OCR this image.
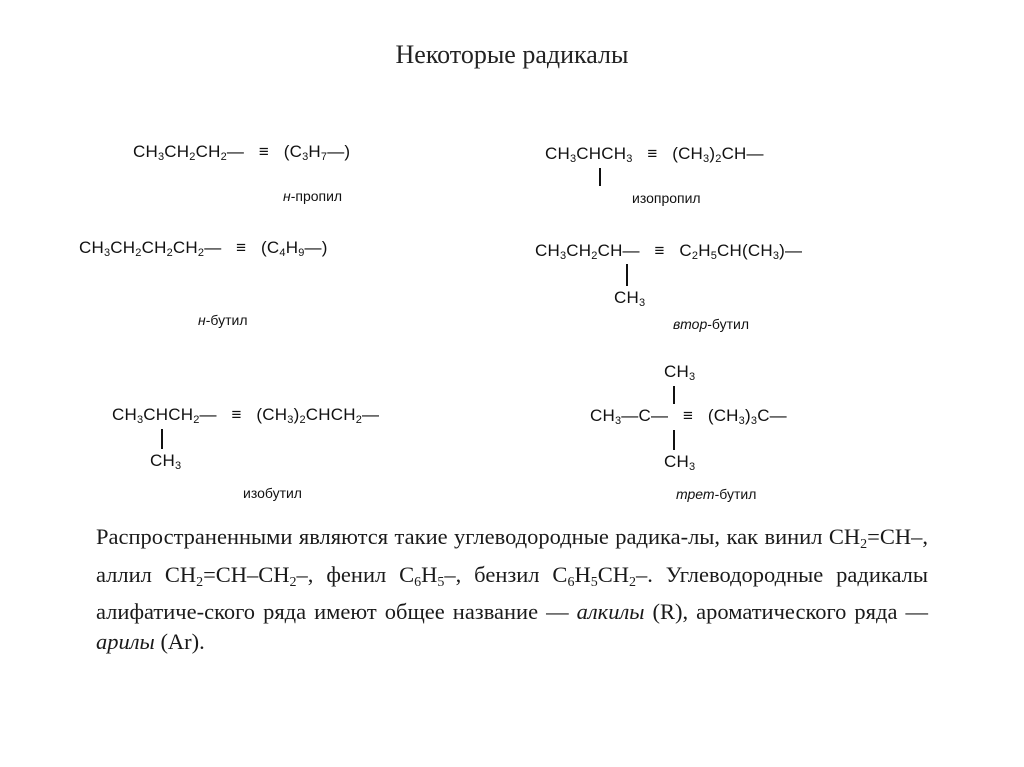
Некоторые радикалы
$CH_3CH_2CH_2—$   ≡   $(C_3H_7—)$
н-пропил
$CH_3CHCH_3$   ≡   $(CH_3)_2CH—$
изопропил
$CH_3CH_2CH_2CH_2—$   ≡   $(C_4H_9—)$
н-бутил
$CH_3CH_2CH—$   ≡   $C_2H_5CH(CH_3)—$
$CH_3$
втор-бутил
$CH_3CHCH_2—$   ≡   $(CH_3)_2CHCH_2—$
$CH_3$
изобутил
$CH_3$
$CH_3—C—$   ≡   $(CH_3)_3C—$
$CH_3$
трет-бутил
Распространенными являются такие углеводородные радика-лы, как винил $CH_2=CH-$, аллил $CH_2=CH-CH_2-$, фенил $C_6H_5-$, бензил $C_6H_5CH_2-$. Углеводородные радикалы алифатиче-ского ряда имеют общее название — алкилы (R), ароматического ряда — арилы (Ar).
